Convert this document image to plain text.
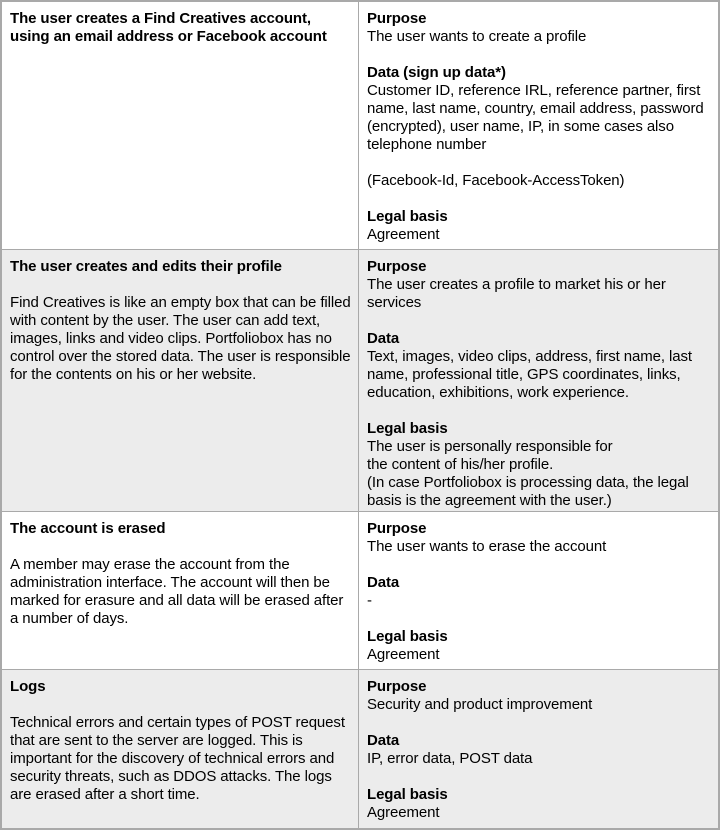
The user creates a Find Creatives account, using an email address or Facebook account

Purpose

The user wants to create a profile

Data (sign up data*)

Customer ID, reference IRL, reference partner, first name, last name, country, email address, password (encrypted), user name, IP, in some cases also telephone number

(Facebook-Id, Facebook-AccessToken)

Legal basis

Agreement

The user creates and edits their profile

Find Creatives is like an empty box that can be filled with content by the user. The user can add text, images, links and video clips. Portfoliobox has no control over the stored data. The user is responsible for the contents on his or her website.

Purpose

The user creates a profile to market his or her services

Data

Text, images, video clips, address, first name, last name, professional title, GPS coordinates, links, education, exhibitions, work experience.

Legal basis

The user is personally responsible for

the content of his/her profile.

(In case Portfoliobox is processing data, the legal basis is the agreement with the user.)

The account is erased

A member may erase the account from the administration interface. The account will then be marked for erasure and all data will be erased after a number of days.

Purpose

The user wants to erase the account

Data

-

Legal basis

Agreement

Logs

Technical errors and certain types of POST request that are sent to the server are logged. This is important for the discovery of technical errors and security threats, such as DDOS attacks. The logs are erased after a short time.

Purpose

Security and product improvement

Data

IP, error data, POST data

Legal basis

Agreement
